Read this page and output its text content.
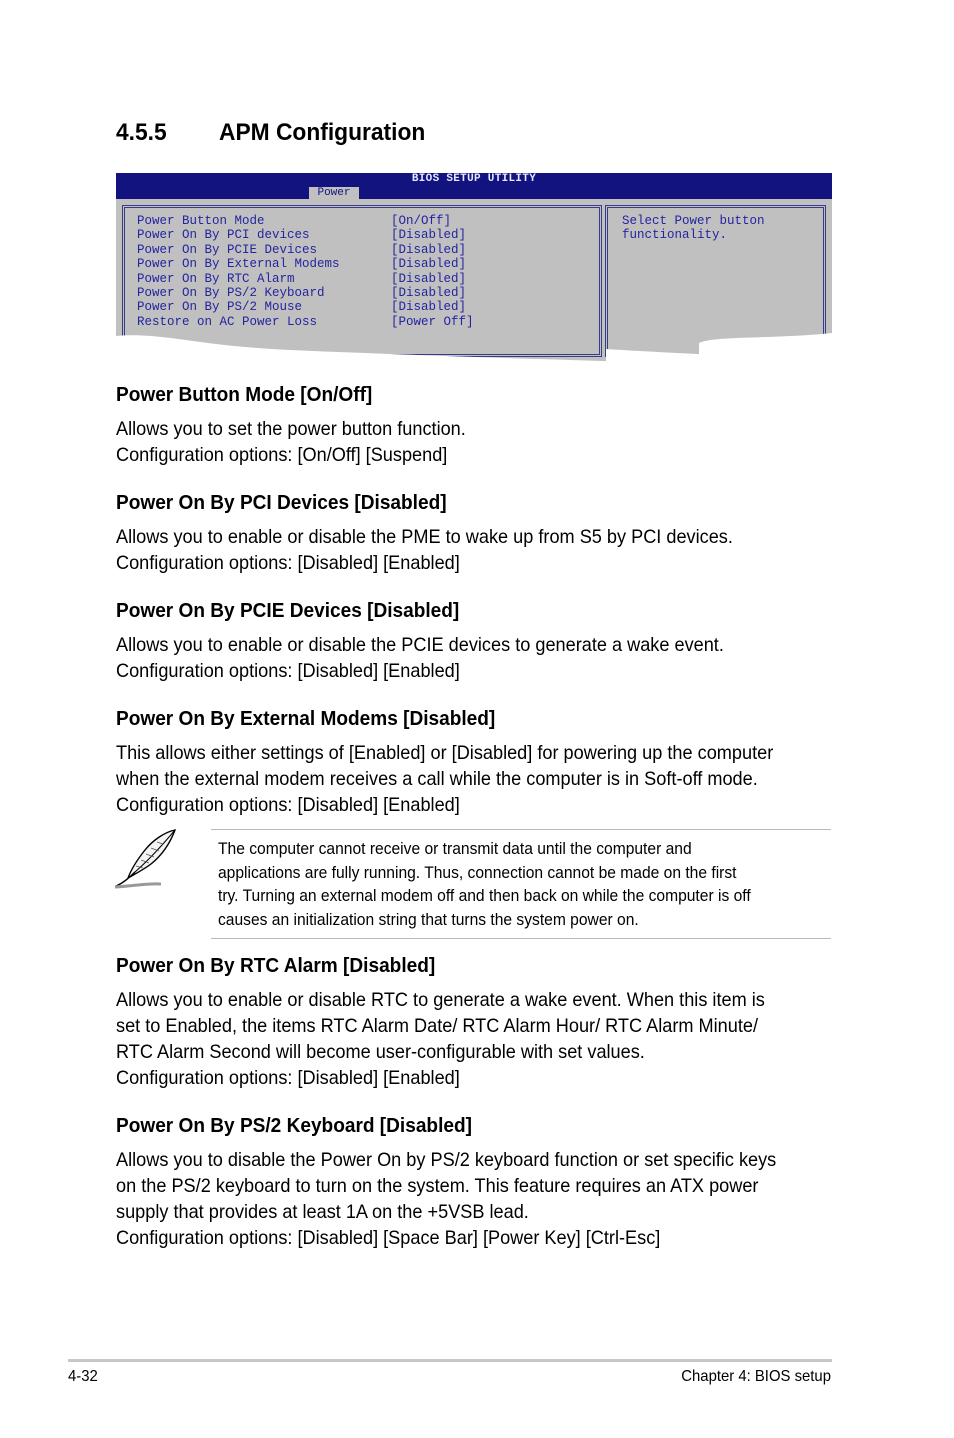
4.5.5 APM Configuration
BIOS SETUP UTILITY
Power
Power Button Mode	[On/Off]
Power On By PCI devices	[Disabled]
Power On By PCIE Devices	[Disabled]
Power On By External Modems	[Disabled]
Power On By RTC Alarm	[Disabled]
Power On By PS/2 Keyboard	[Disabled]
Power On By PS/2 Mouse	[Disabled]
Restore on AC Power Loss	[Power Off]
Select Power button
functionality.
Power Button Mode [On/Off]
Allows you to set the power button function.
Configuration options: [On/Off] [Suspend]
Power On By PCI Devices [Disabled]
Allows you to enable or disable the PME to wake up from S5 by PCI devices.
Configuration options: [Disabled] [Enabled]
Power On By PCIE Devices [Disabled]
Allows you to enable or disable the PCIE devices to generate a wake event.
Configuration options: [Disabled] [Enabled]
Power On By External Modems [Disabled]
This allows either settings of [Enabled] or [Disabled] for powering up the computer
when the external modem receives a call while the computer is in Soft-off mode.
Configuration options: [Disabled] [Enabled]
The computer cannot receive or transmit data until the computer and
applications are fully running. Thus, connection cannot be made on the first
try. Turning an external modem off and then back on while the computer is off
causes an initialization string that turns the system power on.
Power On By RTC Alarm [Disabled]
Allows you to enable or disable RTC to generate a wake event. When this item is
set to Enabled, the items RTC Alarm Date/ RTC Alarm Hour/ RTC Alarm Minute/
RTC Alarm Second will become user-configurable with set values.
Configuration options: [Disabled] [Enabled]
Power On By PS/2 Keyboard [Disabled]
Allows you to disable the Power On by PS/2 keyboard function or set specific keys
on the PS/2 keyboard to turn on the system. This feature requires an ATX power
supply that provides at least 1A on the +5VSB lead.
Configuration options: [Disabled] [Space Bar] [Power Key] [Ctrl-Esc]
4-32	Chapter 4: BIOS setup
